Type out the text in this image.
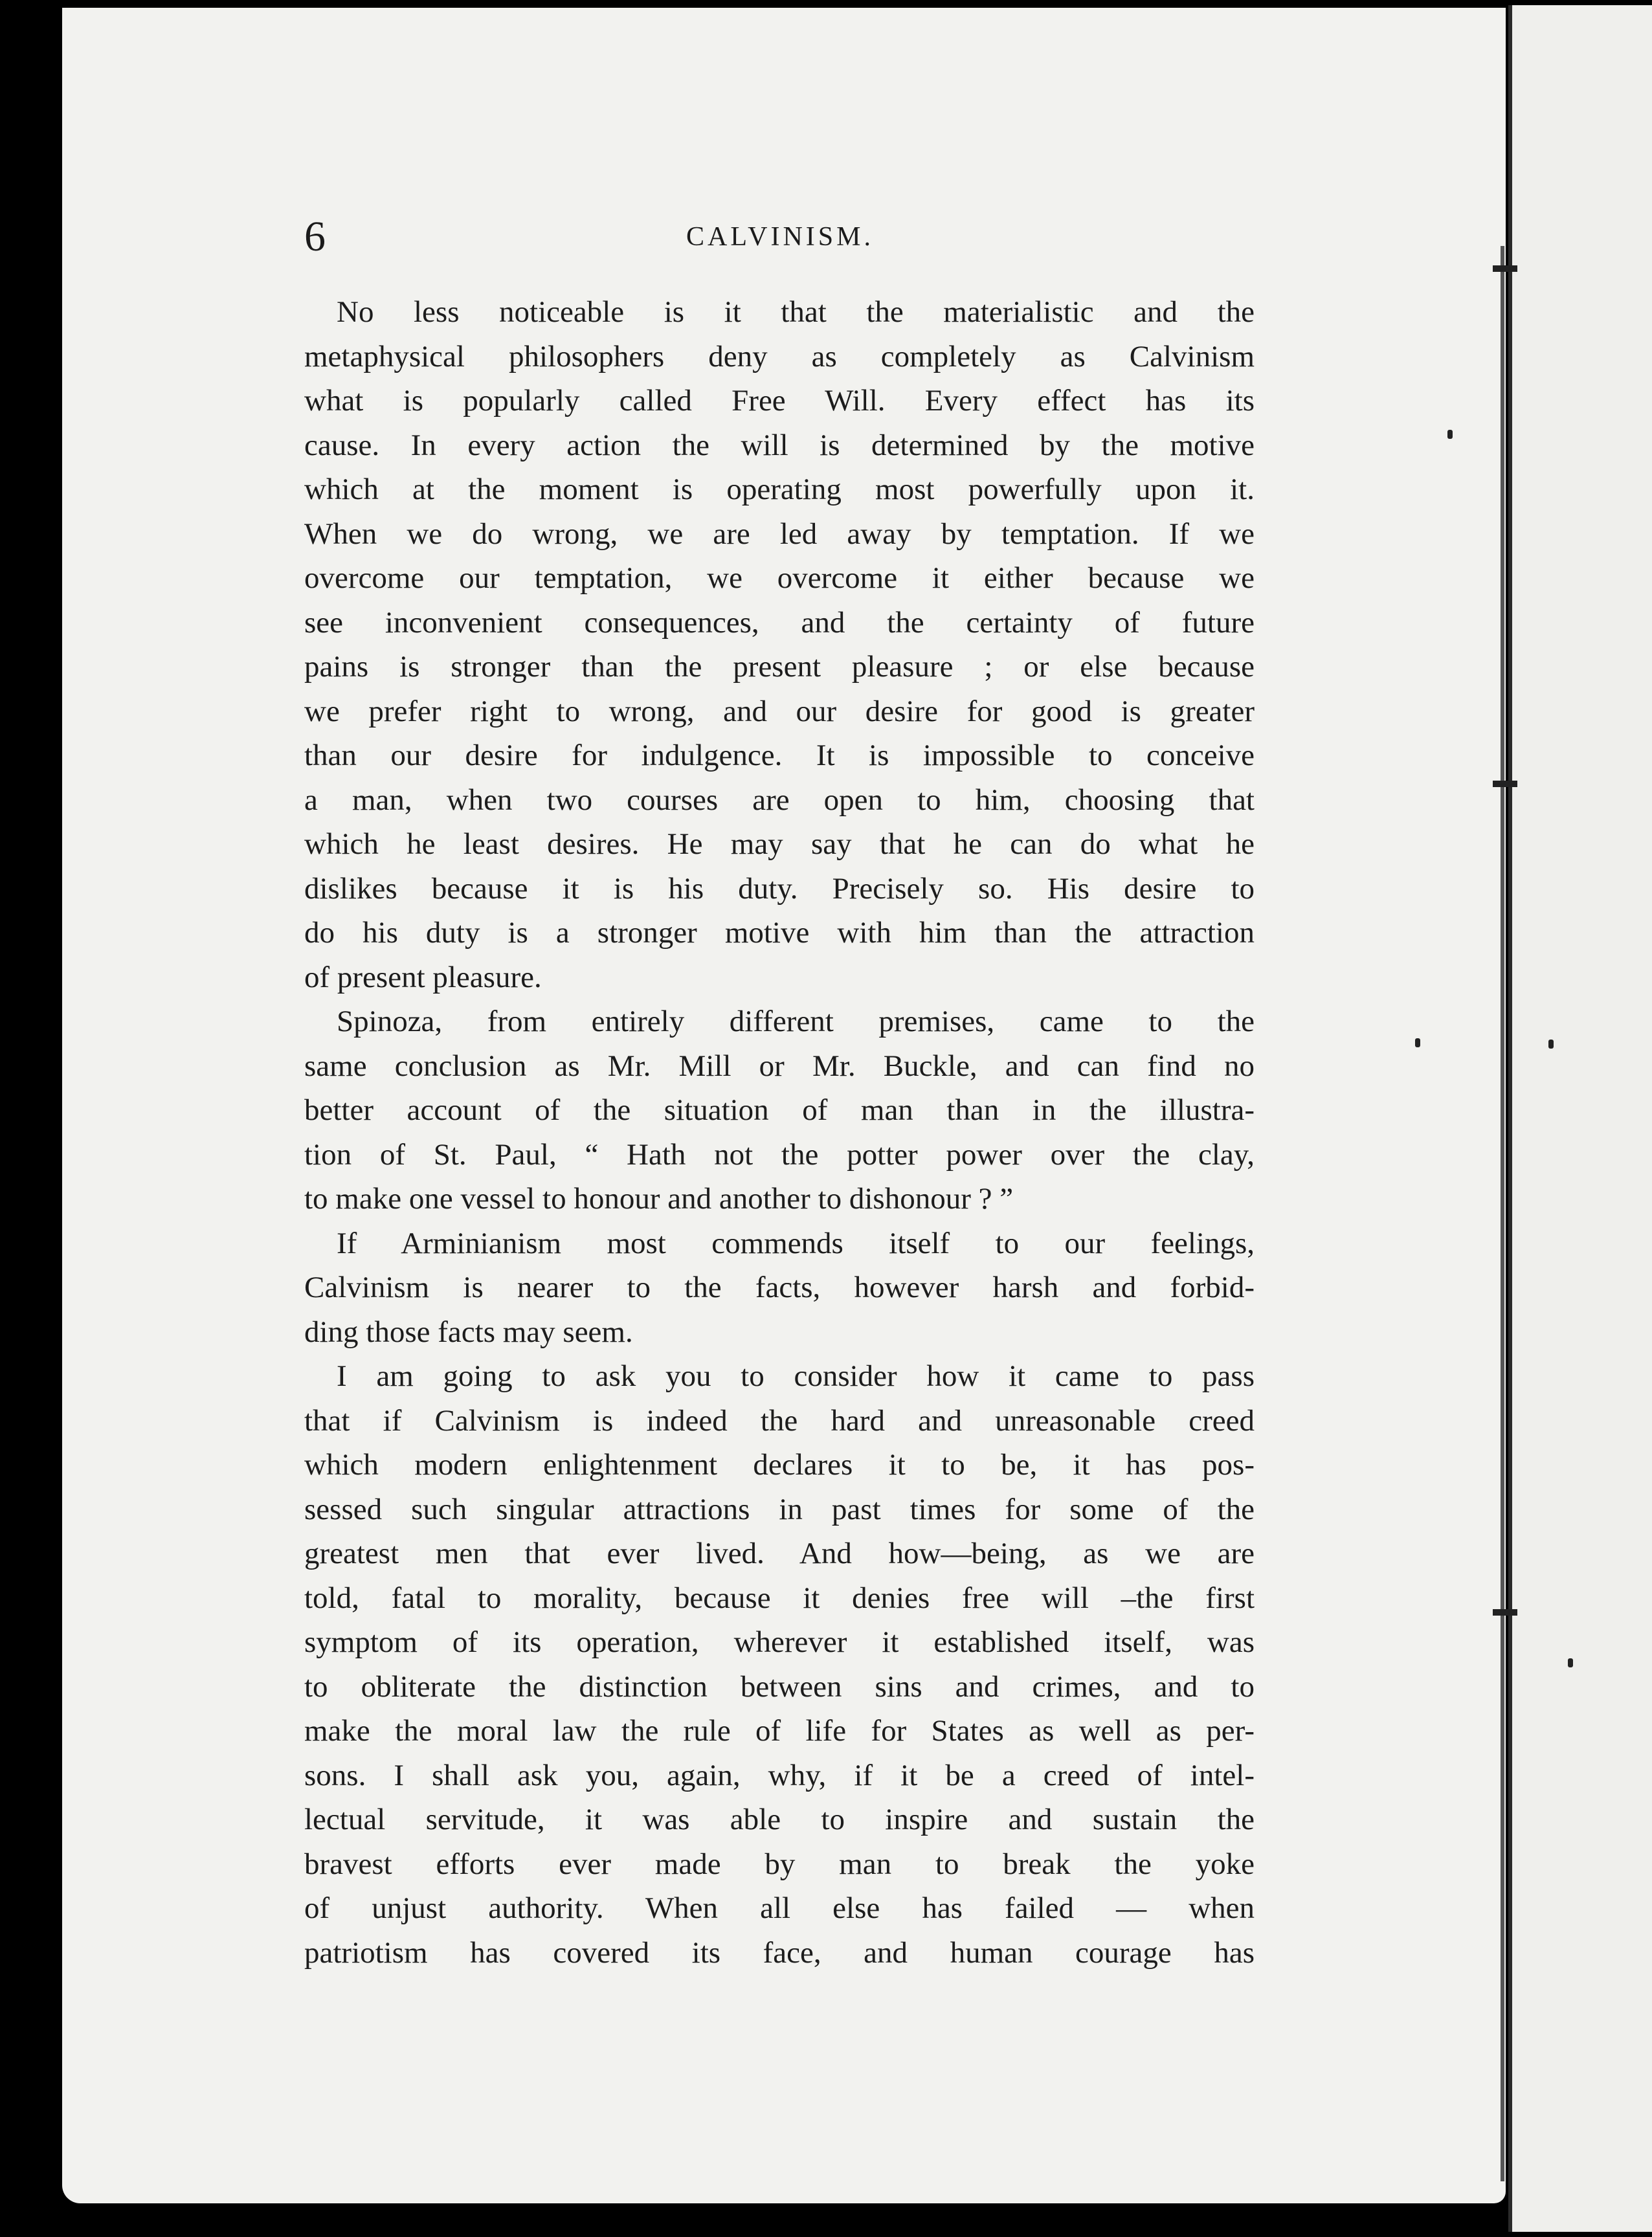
6	CALVINISM.
No less noticeable is it that the materialistic and the
metaphysical philosophers deny as completely as Calvinism
what is popularly called Free Will. Every effect has its
cause. In every action the will is determined by the motive
which at the moment is operating most powerfully upon it.
When we do wrong, we are led away by temptation. If we
overcome our temptation, we overcome it either because we
see inconvenient consequences, and the certainty of future
pains is stronger than the present pleasure ; or else because
we prefer right to wrong, and our desire for good is greater
than our desire for indulgence. It is impossible to conceive
a man, when two courses are open to him, choosing that
which he least desires. He may say that he can do what he
dislikes because it is his duty. Precisely so. His desire to
do his duty is a stronger motive with him than the attraction
of present pleasure.
Spinoza, from entirely different premises, came to the
same conclusion as Mr. Mill or Mr. Buckle, and can find no
better account of the situation of man than in the illustra-
tion of St. Paul, “ Hath not the potter power over the clay,
to make one vessel to honour and another to dishonour ? ”
If Arminianism most commends itself to our feelings,
Calvinism is nearer to the facts, however harsh and forbid-
ding those facts may seem.
I am going to ask you to consider how it came to pass
that if Calvinism is indeed the hard and unreasonable creed
which modern enlightenment declares it to be, it has pos-
sessed such singular attractions in past times for some of the
greatest men that ever lived. And how—being, as we are
told, fatal to morality, because it denies free will –the first
symptom of its operation, wherever it established itself, was
to obliterate the distinction between sins and crimes, and to
make the moral law the rule of life for States as well as per-
sons. I shall ask you, again, why, if it be a creed of intel-
lectual servitude, it was able to inspire and sustain the
bravest efforts ever made by man to break the yoke
of unjust authority. When all else has failed — when
patriotism has covered its face, and human courage has
